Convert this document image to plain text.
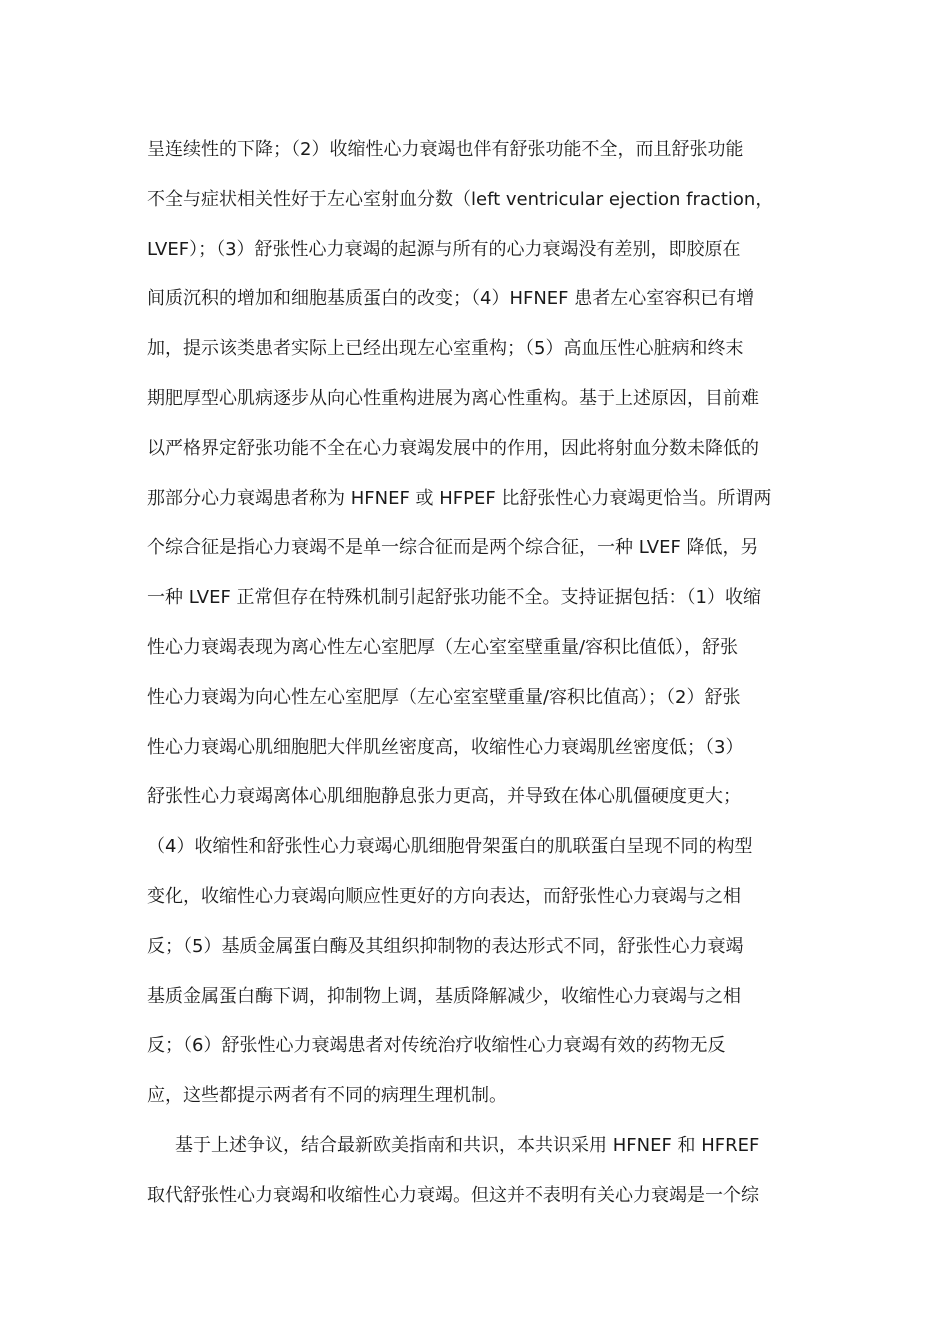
呈连续性的下降；（2）收缩性心力衰竭也伴有舒张功能不全，而且舒张功能
不全与症状相关性好于左心室射血分数（left ventricular ejection fraction，
LVEF）；（3）舒张性心力衰竭的起源与所有的心力衰竭没有差别，即胶原在
间质沉积的增加和细胞基质蛋白的改变；（4）HFNEF 患者左心室容积已有增
加，提示该类患者实际上已经出现左心室重构；（5）高血压性心脏病和终末
期肥厚型心肌病逐步从向心性重构进展为离心性重构。基于上述原因，目前难
以严格界定舒张功能不全在心力衰竭发展中的作用，因此将射血分数未降低的
那部分心力衰竭患者称为 HFNEF 或 HFPEF 比舒张性心力衰竭更恰当。所谓两
个综合征是指心力衰竭不是单一综合征而是两个综合征，一种 LVEF 降低，另
一种 LVEF 正常但存在特殊机制引起舒张功能不全。支持证据包括：（1）收缩
性心力衰竭表现为离心性左心室肥厚（左心室室壁重量/容积比值低），舒张
性心力衰竭为向心性左心室肥厚（左心室室壁重量/容积比值高）；（2）舒张
性心力衰竭心肌细胞肥大伴肌丝密度高，收缩性心力衰竭肌丝密度低；（3）
舒张性心力衰竭离体心肌细胞静息张力更高，并导致在体心肌僵硬度更大；
（4）收缩性和舒张性心力衰竭心肌细胞骨架蛋白的肌联蛋白呈现不同的构型
变化，收缩性心力衰竭向顺应性更好的方向表达，而舒张性心力衰竭与之相
反；（5）基质金属蛋白酶及其组织抑制物的表达形式不同，舒张性心力衰竭
基质金属蛋白酶下调，抑制物上调，基质降解减少，收缩性心力衰竭与之相
反；（6）舒张性心力衰竭患者对传统治疗收缩性心力衰竭有效的药物无反
应，这些都提示两者有不同的病理生理机制。
基于上述争议，结合最新欧美指南和共识，本共识采用 HFNEF 和 HFREF
取代舒张性心力衰竭和收缩性心力衰竭。但这并不表明有关心力衰竭是一个综
